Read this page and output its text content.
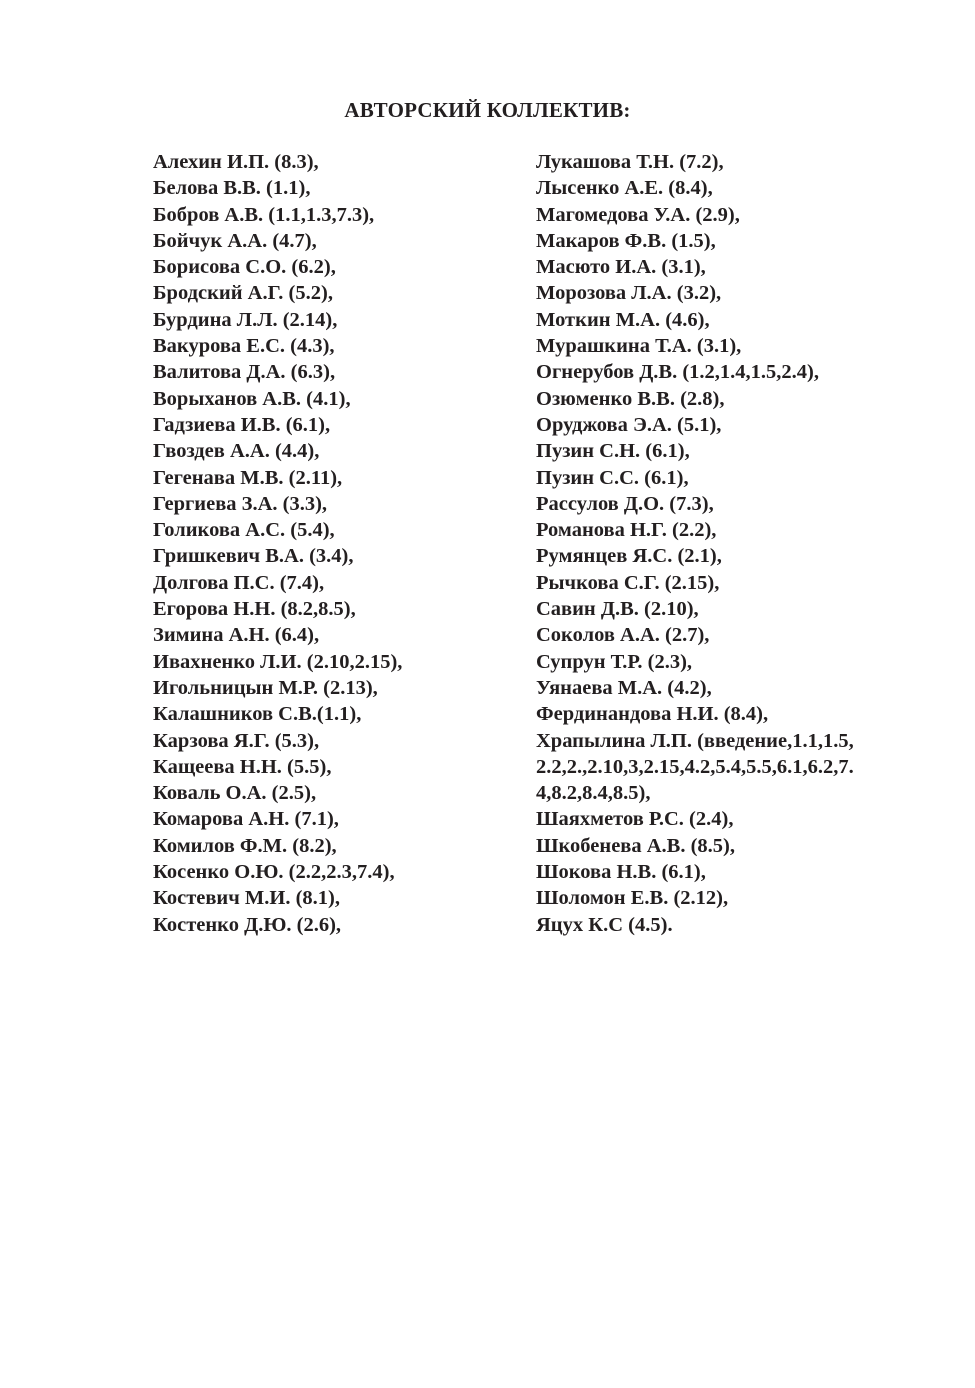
АВТОРСКИЙ КОЛЛЕКТИВ:
Алехин И.П. (8.3),
Белова В.В. (1.1),
Бобров А.В. (1.1,1.3,7.3),
Бойчук А.А. (4.7),
Борисова С.О. (6.2),
Бродский А.Г. (5.2),
Бурдина Л.Л. (2.14),
Вакурова Е.С. (4.3),
Валитова Д.А. (6.3),
Ворыханов А.В. (4.1),
Гадзиева И.В. (6.1),
Гвоздев А.А. (4.4),
Гегенава М.В. (2.11),
Гергиева З.А. (3.3),
Голикова А.С. (5.4),
Гришкевич В.А. (3.4),
Долгова П.С. (7.4),
Егорова Н.Н. (8.2,8.5),
Зимина А.Н. (6.4),
Ивахненко Л.И. (2.10,2.15),
Игольницын М.Р. (2.13),
Калашников С.В.(1.1),
Карзова Я.Г. (5.3),
Кащеева Н.Н. (5.5),
Коваль О.А. (2.5),
Комарова А.Н. (7.1),
Комилов Ф.М. (8.2),
Косенко О.Ю. (2.2,2.3,7.4),
Костевич М.И. (8.1),
Костенко Д.Ю. (2.6),
Лукашова Т.Н. (7.2),
Лысенко А.Е. (8.4),
Магомедова У.А. (2.9),
Макаров Ф.В. (1.5),
Масюто И.А. (3.1),
Морозова Л.А. (3.2),
Моткин М.А. (4.6),
Мурашкина Т.А. (3.1),
Огнерубов Д.В. (1.2,1.4,1.5,2.4),
Озюменко В.В. (2.8),
Оруджова Э.А. (5.1),
Пузин С.Н. (6.1),
Пузин С.С. (6.1),
Рассулов Д.О. (7.3),
Романова Н.Г. (2.2),
Румянцев Я.С. (2.1),
Рычкова С.Г. (2.15),
Савин Д.В. (2.10),
Соколов А.А. (2.7),
Супрун Т.Р. (2.3),
Уянаева М.А. (4.2),
Фердинандова Н.И. (8.4),
Храпылина Л.П. (введение,1.1,1.5,
2.2,2.,2.10,3,2.15,4.2,5.4,5.5,6.1,6.2,7.
4,8.2,8.4,8.5),
Шаяхметов Р.С. (2.4),
Шкобенева А.В. (8.5),
Шокова Н.В. (6.1),
Шоломон Е.В. (2.12),
Яцух К.С (4.5).
